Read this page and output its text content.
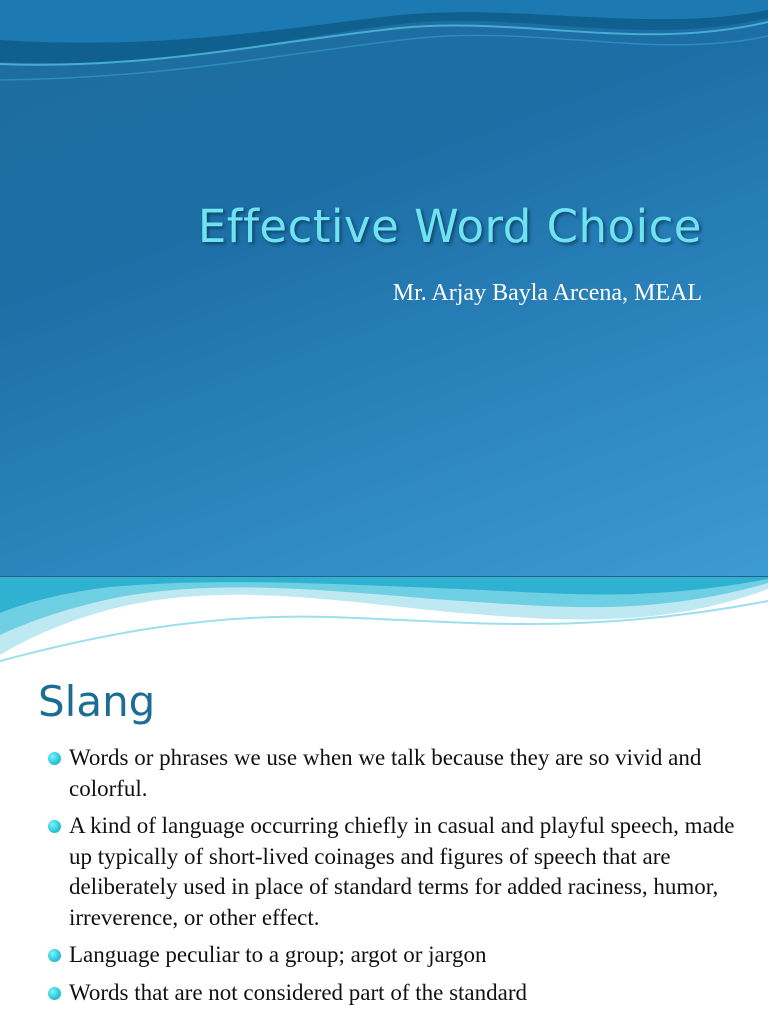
Effective Word Choice
Mr. Arjay Bayla Arcena, MEAL
Slang
Words or phrases we use when we talk because they are so vivid and colorful.
A kind of language occurring chiefly in casual and playful speech, made up typically of short-lived coinages and figures of speech that are deliberately used in place of standard terms for added raciness, humor, irreverence, or other effect.
Language peculiar to a group; argot or jargon
Words that are not considered part of the standard
